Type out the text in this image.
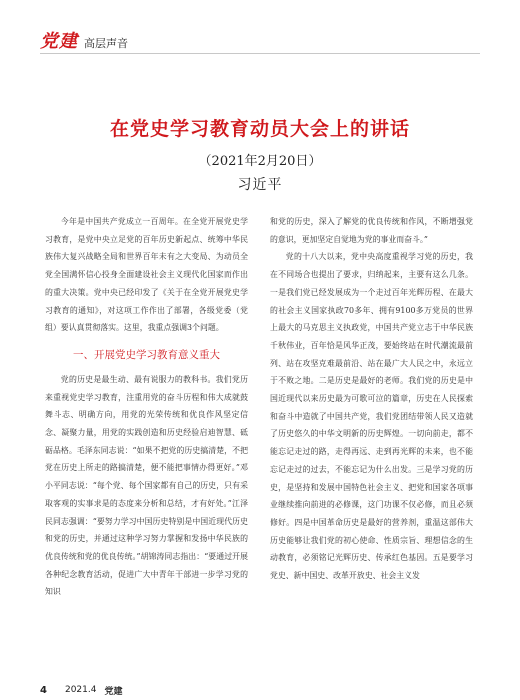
党建 高层声音
在党史学习教育动员大会上的讲话
（2021年2月20日）
习近平

今年是中国共产党成立一百周年。在全党开展党史学习教育，是党中央立足党的百年历史新起点、统筹中华民族伟大复兴战略全局和世界百年未有之大变局、为动员全党全国满怀信心投身全面建设社会主义现代化国家而作出的重大决策。党中央已经印发了《关于在全党开展党史学习教育的通知》，对这项工作作出了部署，各级党委（党组）要认真贯彻落实。这里，我重点强调3个问题。

一、开展党史学习教育意义重大

党的历史是最生动、最有说服力的教科书。我们党历来重视党史学习教育，注重用党的奋斗历程和伟大成就鼓舞斗志、明确方向，用党的光荣传统和优良作风坚定信念、凝聚力量，用党的实践创造和历史经验启迪智慧、砥砺品格。毛泽东同志说：“如果不把党的历史搞清楚，不把党在历史上所走的路搞清楚，便不能把事情办得更好。”邓小平同志说：“每个党、每个国家都有自己的历史，只有采取客观的实事求是的态度来分析和总结，才有好处。”江泽民同志强调：“要努力学习中国历史特别是中国近现代历史和党的历史，并通过这种学习努力掌握和发扬中华民族的优良传统和党的优良传统。”胡锦涛同志指出：“要通过开展各种纪念教育活动，促进广大中青年干部进一步学习党的知识

和党的历史，深入了解党的优良传统和作风，不断增强党的意识，更加坚定自觉地为党的事业而奋斗。”

党的十八大以来，党中央高度重视学习党的历史，我在不同场合也提出了要求，归纳起来，主要有这么几条。一是我们党已经发展成为一个走过百年光辉历程、在最大的社会主义国家执政70多年、拥有9100多万党员的世界上最大的马克思主义执政党，中国共产党立志于中华民族千秋伟业，百年恰是风华正茂，要始终站在时代潮流最前列、站在攻坚克难最前沿、站在最广大人民之中，永远立于不败之地。二是历史是最好的老师。我们党的历史是中国近现代以来历史最为可歌可泣的篇章，历史在人民探索和奋斗中造就了中国共产党，我们党团结带领人民又造就了历史悠久的中华文明新的历史辉煌。一切向前走，都不能忘记走过的路，走得再远、走到再光辉的未来，也不能忘记走过的过去，不能忘记为什么出发。三是学习党的历史，是坚持和发展中国特色社会主义、把党和国家各项事业继续推向前进的必修课，这门功课不仅必修，而且必须修好。四是中国革命历史是最好的营养剂，重温这部伟大历史能够让我们党的初心使命、性质宗旨、理想信念的生动教育，必须铭记光辉历史、传承红色基因。五是要学习党史、新中国史、改革开放史、社会主义发

4 2021.4 党建
